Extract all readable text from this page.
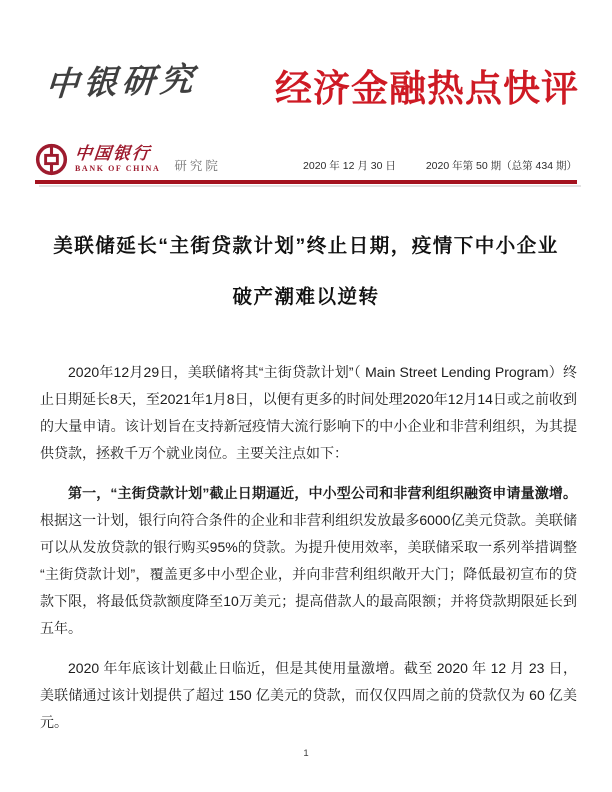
中银研究 经济金融热点快评
中国银行
BANK OF CHINA 研究院	2020 年 12 月 30 日	2020 年第 50 期（总第 434 期）
美联储延长“主街贷款计划”终止日期，疫情下中小企业
破产潮难以逆转

2020年12月29日，美联储将其“主街贷款计划”（ Main Street Lending Program）终止日期延长8天，至2021年1月8日，以便有更多的时间处理2020年12月14日或之前收到的大量申请。该计划旨在支持新冠疫情大流行影响下的中小企业和非营利组织，为其提供贷款，拯救千万个就业岗位。主要关注点如下：

第一，“主街贷款计划”截止日期逼近，中小型公司和非营利组织融资申请量激增。根据这一计划，银行向符合条件的企业和非营利组织发放最多6000亿美元贷款。美联储可以从发放贷款的银行购买95%的贷款。为提升使用效率，美联储采取一系列举措调整“主街贷款计划”，覆盖更多中小型企业，并向非营利组织敞开大门；降低最初宣布的贷款下限，将最低贷款额度降至10万美元；提高借款人的最高限额；并将贷款期限延长到五年。

2020 年年底该计划截止日临近，但是其使用量激增。截至 2020 年 12 月 23 日，美联储通过该计划提供了超过 150 亿美元的贷款，而仅仅四周之前的贷款仅为 60 亿美元。

1
